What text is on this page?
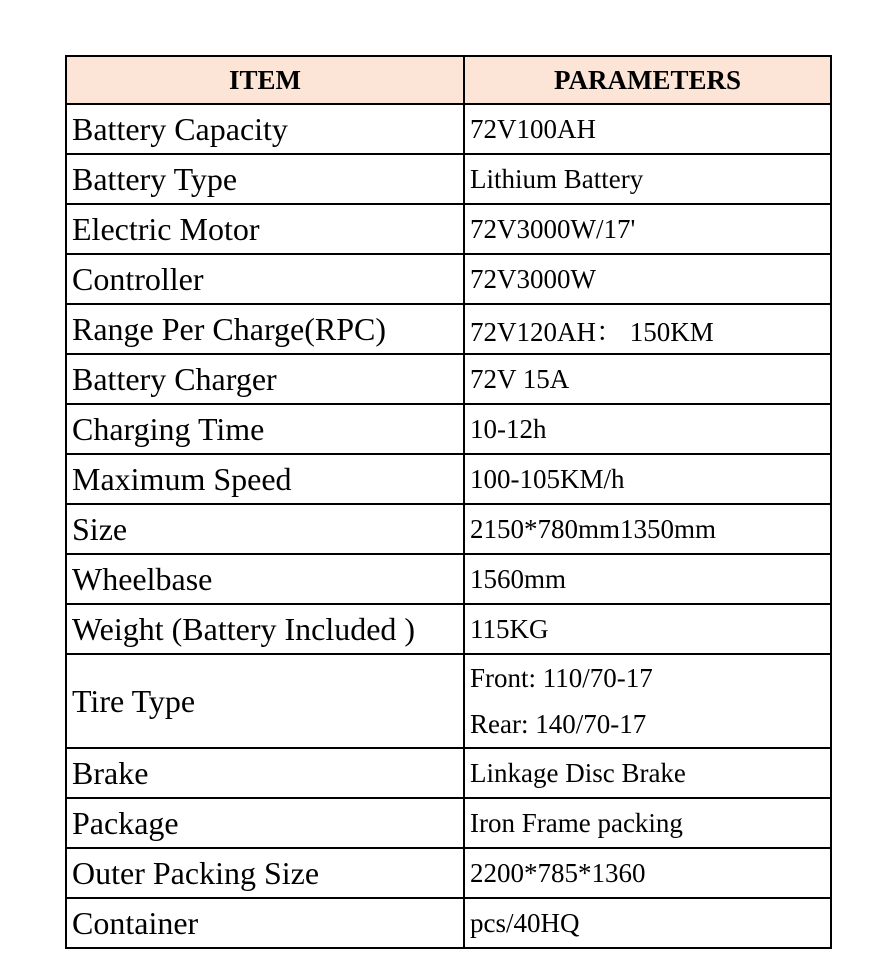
ITEM	PARAMETERS
Battery Capacity	72V100AH
Battery Type	Lithium Battery
Electric Motor	72V3000W/17'
Controller	72V3000W
Range Per Charge(RPC)	72V120AH： 150KM
Battery Charger	72V 15A
Charging Time	10-12h
Maximum Speed	100-105KM/h
Size	2150*780mm1350mm
Wheelbase	1560mm
Weight (Battery Included )	115KG
Tire Type	Front: 110/70-17
Rear: 140/70-17

Brake	Linkage Disc Brake
Package	Iron Frame packing
Outer Packing Size	2200*785*1360
Container	pcs/40HQ
